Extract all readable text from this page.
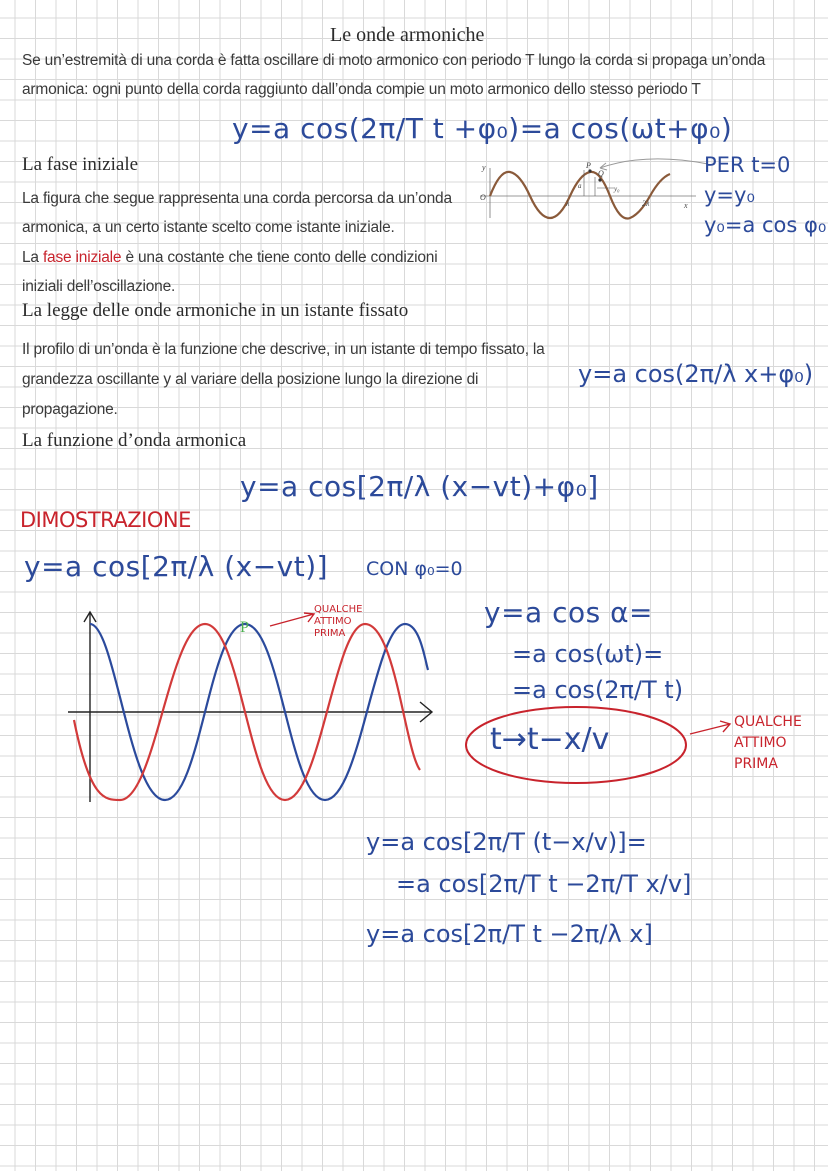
Le onde armoniche

Se un’estremità di una corda è fatta oscillare di moto armonico con periodo T lungo la corda si propaga un’onda armonica: ogni punto della corda raggiunto dall’onda compie un moto armonico dello stesso periodo T

y=a cos(2π/T t +φ₀)=a cos(ωt+φ₀)
La fase iniziale

La figura che segue rappresenta una corda percorsa da un’onda armonica, a un certo istante scelto come istante iniziale.

La fase iniziale è una costante che tiene conto delle condizioni iniziali dell’oscillazione.

y
O
P
Q
a	y₀
λ	2λ	x
PER t=0
y=y₀
y₀=a cos φ₀
La legge delle onde armoniche in un istante fissato

Il profilo di un’onda è la funzione che descrive, in un istante di tempo fissato, la grandezza oscillante y al variare della posizione lungo la direzione di propagazione.

y=a cos(2π/λ x+φ₀)
La funzione d’onda armonica
y=a cos[2π/λ (x−vt)+φ₀]
DIMOSTRAZIONE
y=a cos[2π/λ (x−vt)] CON φ₀=0
P
QUALCHE ATTIMO PRIMA
y=a cos α=
=a cos(ωt)=
=a cos(2π/T t)
t→t−x/v	QUALCHE ATTIMO PRIMA
y=a cos[2π/T (t−x/v)]=
=a cos[2π/T t −2π/T x/v]
y=a cos[2π/T t −2π/λ x]
